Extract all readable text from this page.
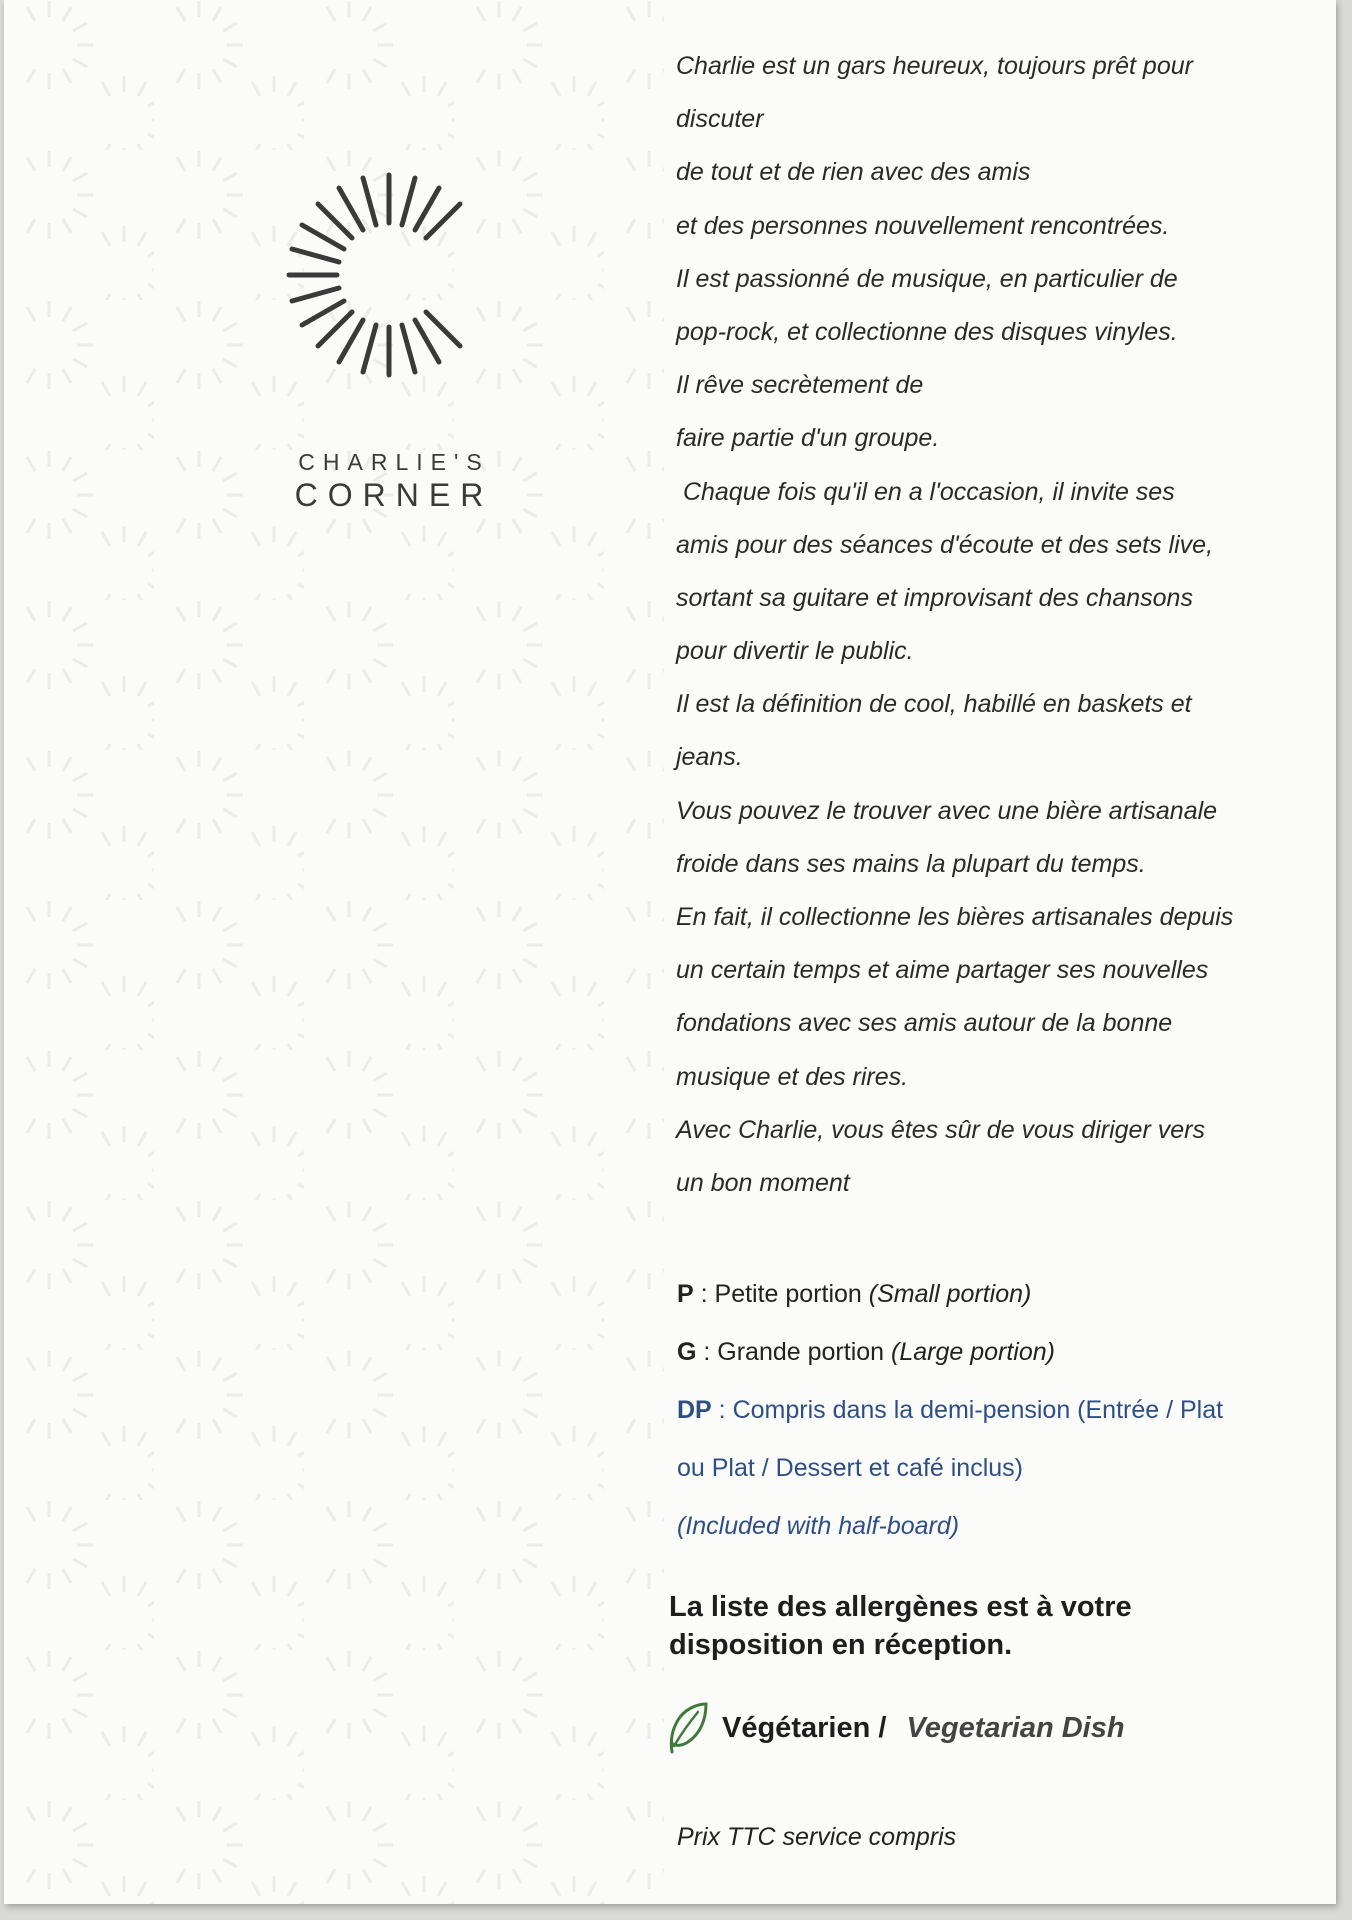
CHARLIE'S
CORNER
Charlie est un gars heureux, toujours prêt pour
discuter
de tout et de rien avec des amis
et des personnes nouvellement rencontrées.
Il est passionné de musique, en particulier de
pop-rock, et collectionne des disques vinyles.
Il rêve secrètement de
faire partie d'un groupe.
Chaque fois qu'il en a l'occasion, il invite ses
amis pour des séances d'écoute et des sets live,
sortant sa guitare et improvisant des chansons
pour divertir le public.
Il est la définition de cool, habillé en baskets et
jeans.
Vous pouvez le trouver avec une bière artisanale
froide dans ses mains la plupart du temps.
En fait, il collectionne les bières artisanales depuis
un certain temps et aime partager ses nouvelles
fondations avec ses amis autour de la bonne
musique et des rires.
Avec Charlie, vous êtes sûr de vous diriger vers
un bon moment
P : Petite portion (Small portion)
G : Grande portion (Large portion)
DP : Compris dans la demi-pension (Entrée / Plat
ou Plat / Dessert et café inclus)
(Included with half-board)
La liste des allergènes est à votre
disposition en réception.
Végétarien / Vegetarian Dish
Prix TTC service compris
